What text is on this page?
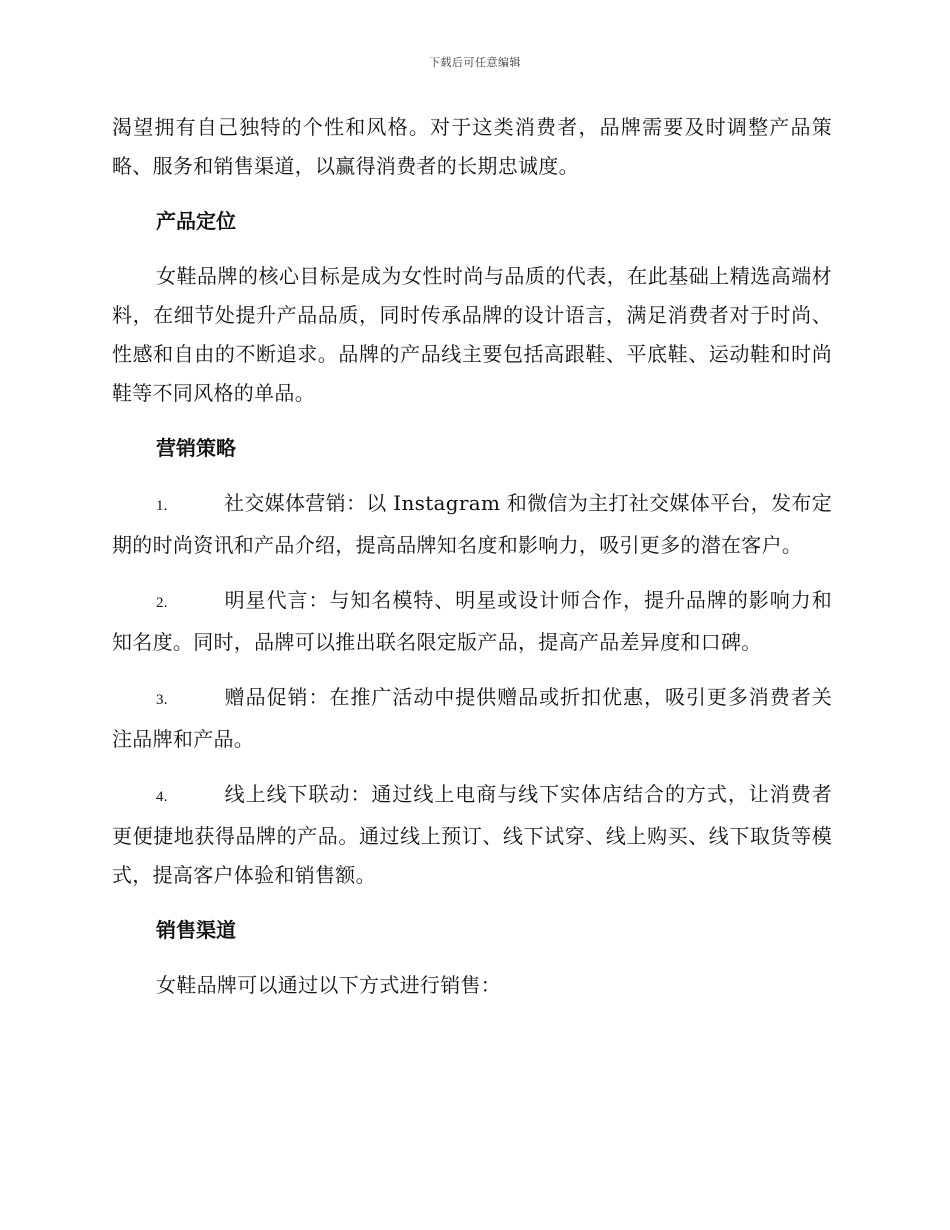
下载后可任意编辑

渴望拥有自己独特的个性和风格。对于这类消费者，品牌需要及时调整产品策略、服务和销售渠道，以赢得消费者的长期忠诚度。

产品定位

女鞋品牌的核心目标是成为女性时尚与品质的代表，在此基础上精选高端材料，在细节处提升产品品质，同时传承品牌的设计语言，满足消费者对于时尚、性感和自由的不断追求。品牌的产品线主要包括高跟鞋、平底鞋、运动鞋和时尚鞋等不同风格的单品。

营销策略

1.	社交媒体营销：以 Instagram 和微信为主打社交媒体平台，发布定期的时尚资讯和产品介绍，提高品牌知名度和影响力，吸引更多的潜在客户。

2.	明星代言：与知名模特、明星或设计师合作，提升品牌的影响力和知名度。同时，品牌可以推出联名限定版产品，提高产品差异度和口碑。

3.	赠品促销：在推广活动中提供赠品或折扣优惠，吸引更多消费者关注品牌和产品。

4.	线上线下联动：通过线上电商与线下实体店结合的方式，让消费者更便捷地获得品牌的产品。通过线上预订、线下试穿、线上购买、线下取货等模式，提高客户体验和销售额。

销售渠道

女鞋品牌可以通过以下方式进行销售：
